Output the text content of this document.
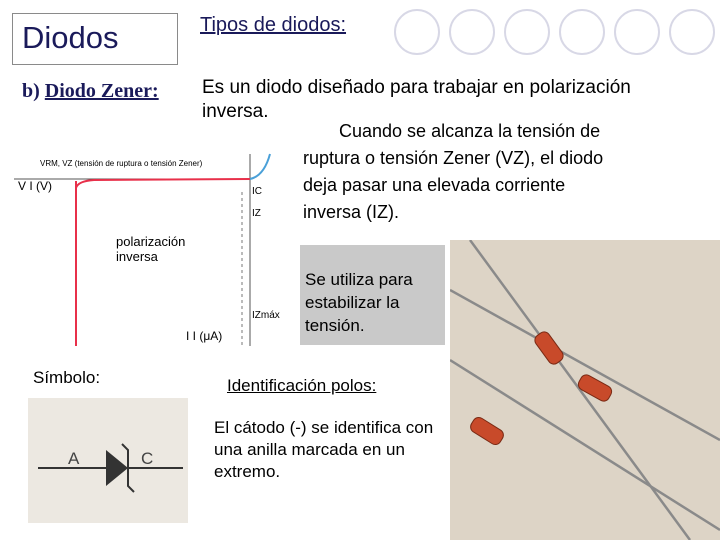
Diodos	Tipos de diodos:
b) Diodo Zener: Es un diodo diseñado para trabajar en polarización inversa.
Cuando se alcanza la tensión de
ruptura o tensión Zener (VZ), el diodo
deja pasar una elevada corriente
inversa (IZ).
VRM, VZ (tensión de ruptura o tensión Zener)
V I (V)	IC
IZ
polarización
inversa
IZmáx
I I (μA)
Se utiliza para estabilizar la tensión.
Símbolo:
A	C
Identificación polos:
El cátodo (-) se identifica con una anilla marcada en un extremo.
